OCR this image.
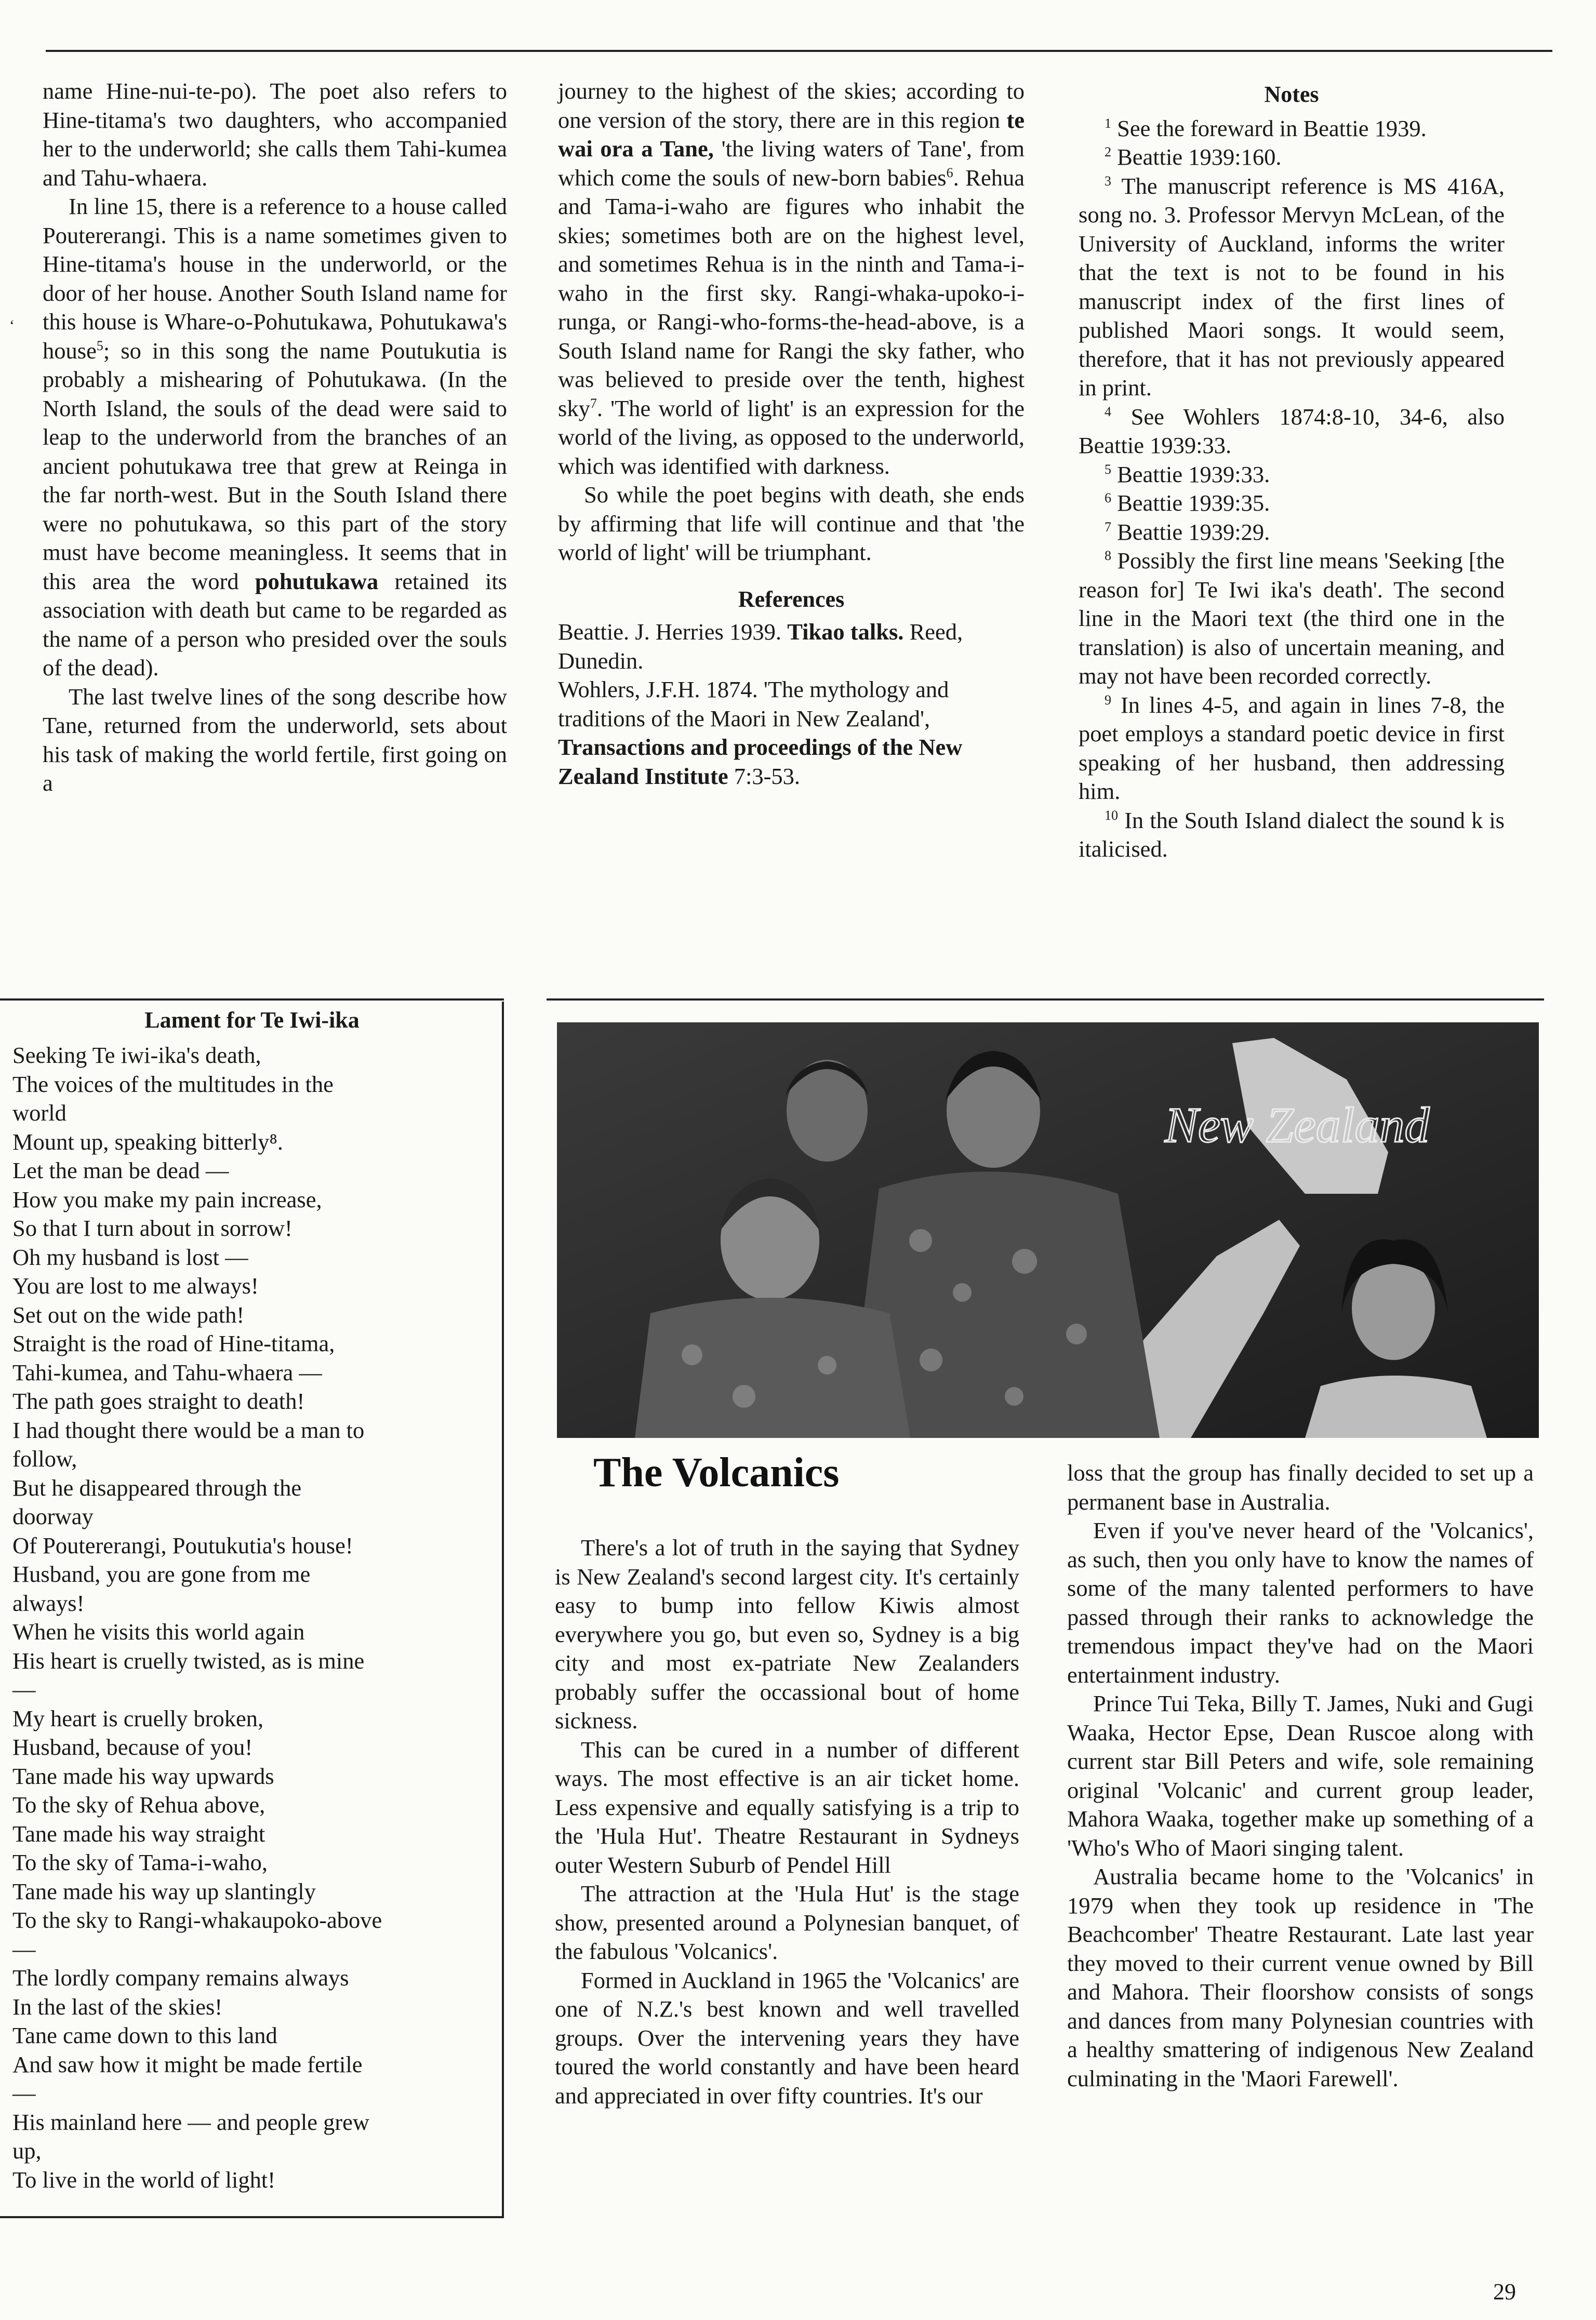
name Hine-nui-te-po). The poet also refers to Hine-titama's two daughters, who accompanied her to the underworld; she calls them Tahi-kumea and Tahu-whaera.

In line 15, there is a reference to a house called Poutererangi. This is a name sometimes given to Hine-titama's house in the underworld, or the door of her house. Another South Island name for this house is Whare-o-Pohutukawa, Pohutukawa's house$^5$; so in this song the name Poutukutia is probably a mishearing of Pohutukawa. (In the North Island, the souls of the dead were said to leap to the underworld from the branches of an ancient pohutukawa tree that grew at Reinga in the far north-west. But in the South Island there were no pohutukawa, so this part of the story must have become meaningless. It seems that in this area the word pohutukawa retained its association with death but came to be regarded as the name of a person who presided over the souls of the dead).

The last twelve lines of the song describe how Tane, returned from the underworld, sets about his task of making the world fertile, first going on a

‘

journey to the highest of the skies; according to one version of the story, there are in this region te wai ora a Tane, 'the living waters of Tane', from which come the souls of new-born babies$^6$. Rehua and Tama-i-waho are figures who inhabit the skies; sometimes both are on the highest level, and sometimes Rehua is in the ninth and Tama-i-waho in the first sky. Rangi-whaka-upoko-i-runga, or Rangi-who-forms-the-head-above, is a South Island name for Rangi the sky father, who was believed to preside over the tenth, highest sky$^7$. 'The world of light' is an expression for the world of the living, as opposed to the underworld, which was identified with darkness.

So while the poet begins with death, she ends by affirming that life will continue and that 'the world of light' will be triumphant.

References

Beattie. J. Herries 1939. Tikao talks. Reed, Dunedin.

Wohlers, J.F.H. 1874. 'The mythology and traditions of the Maori in New Zealand', Transactions and proceedings of the New Zealand Institute 7:3-53.

Notes

$^1$ See the foreward in Beattie 1939.

$^2$ Beattie 1939:160.

$^3$ The manuscript reference is MS 416A, song no. 3. Professor Mervyn McLean, of the University of Auckland, informs the writer that the text is not to be found in his manuscript index of the first lines of published Maori songs. It would seem, therefore, that it has not previously appeared in print.

$^4$ See Wohlers 1874:8-10, 34-6, also Beattie 1939:33.

$^5$ Beattie 1939:33.

$^6$ Beattie 1939:35.

$^7$ Beattie 1939:29.

$^8$ Possibly the first line means 'Seeking [the reason for] Te Iwi ika's death'. The second line in the Maori text (the third one in the translation) is also of uncertain meaning, and may not have been recorded correctly.

$^9$ In lines 4-5, and again in lines 7-8, the poet employs a standard poetic device in first speaking of her husband, then addressing him.

$^{10}$ In the South Island dialect the sound k is italicised.

Lament for Te Iwi-ika
Seeking Te iwi-ika's death,
The voices of the multitudes in the
world
Mount up, speaking bitterly⁸.
Let the man be dead —
How you make my pain increase,
So that I turn about in sorrow!
Oh my husband is lost —
You are lost to me always!
Set out on the wide path!
Straight is the road of Hine-titama,
Tahi-kumea, and Tahu-whaera —
The path goes straight to death!
I had thought there would be a man to
follow,
But he disappeared through the
doorway
Of Poutererangi, Poutukutia's house!
Husband, you are gone from me
always!
When he visits this world again
His heart is cruelly twisted, as is mine
—
My heart is cruelly broken,
Husband, because of you!
Tane made his way upwards
To the sky of Rehua above,
Tane made his way straight
To the sky of Tama-i-waho,
Tane made his way up slantingly
To the sky to Rangi-whakaupoko-above
—
The lordly company remains always
In the last of the skies!
Tane came down to this land
And saw how it might be made fertile
—
His mainland here — and people grew
up,
To live in the world of light!
New Zealand
The Volcanics

There's a lot of truth in the saying that Sydney is New Zealand's second largest city. It's certainly easy to bump into fellow Kiwis almost everywhere you go, but even so, Sydney is a big city and most ex-patriate New Zealanders probably suffer the occassional bout of home sickness.

This can be cured in a number of different ways. The most effective is an air ticket home. Less expensive and equally satisfying is a trip to the 'Hula Hut'. Theatre Restaurant in Sydneys outer Western Suburb of Pendel Hill

The attraction at the 'Hula Hut' is the stage show, presented around a Polynesian banquet, of the fabulous 'Volcanics'.

Formed in Auckland in 1965 the 'Volcanics' are one of N.Z.'s best known and well travelled groups. Over the intervening years they have toured the world constantly and have been heard and appreciated in over fifty countries. It's our

loss that the group has finally decided to set up a permanent base in Australia.

Even if you've never heard of the 'Volcanics', as such, then you only have to know the names of some of the many talented performers to have passed through their ranks to acknowledge the tremendous impact they've had on the Maori entertainment industry.

Prince Tui Teka, Billy T. James, Nuki and Gugi Waaka, Hector Epse, Dean Ruscoe along with current star Bill Peters and wife, sole remaining original 'Volcanic' and current group leader, Mahora Waaka, together make up something of a 'Who's Who of Maori singing talent.

Australia became home to the 'Volcanics' in 1979 when they took up residence in 'The Beachcomber' Theatre Restaurant. Late last year they moved to their current venue owned by Bill and Mahora. Their floorshow consists of songs and dances from many Polynesian countries with a healthy smattering of indigenous New Zealand culminating in the 'Maori Farewell'.

29
